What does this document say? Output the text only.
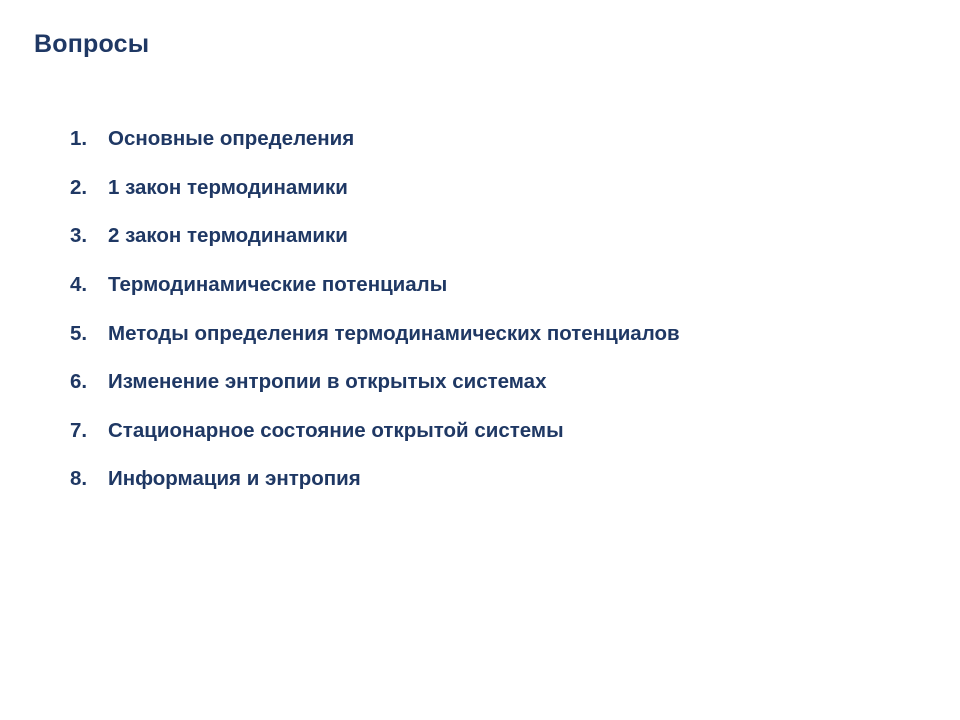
Вопросы
1.	Основные определения
2.	1 закон термодинамики
3.	2 закон термодинамики
4.	Термодинамические потенциалы
5.	Методы определения термодинамических потенциалов
6.	Изменение энтропии в открытых системах
7.	Стационарное состояние открытой системы
8.	Информация и энтропия
